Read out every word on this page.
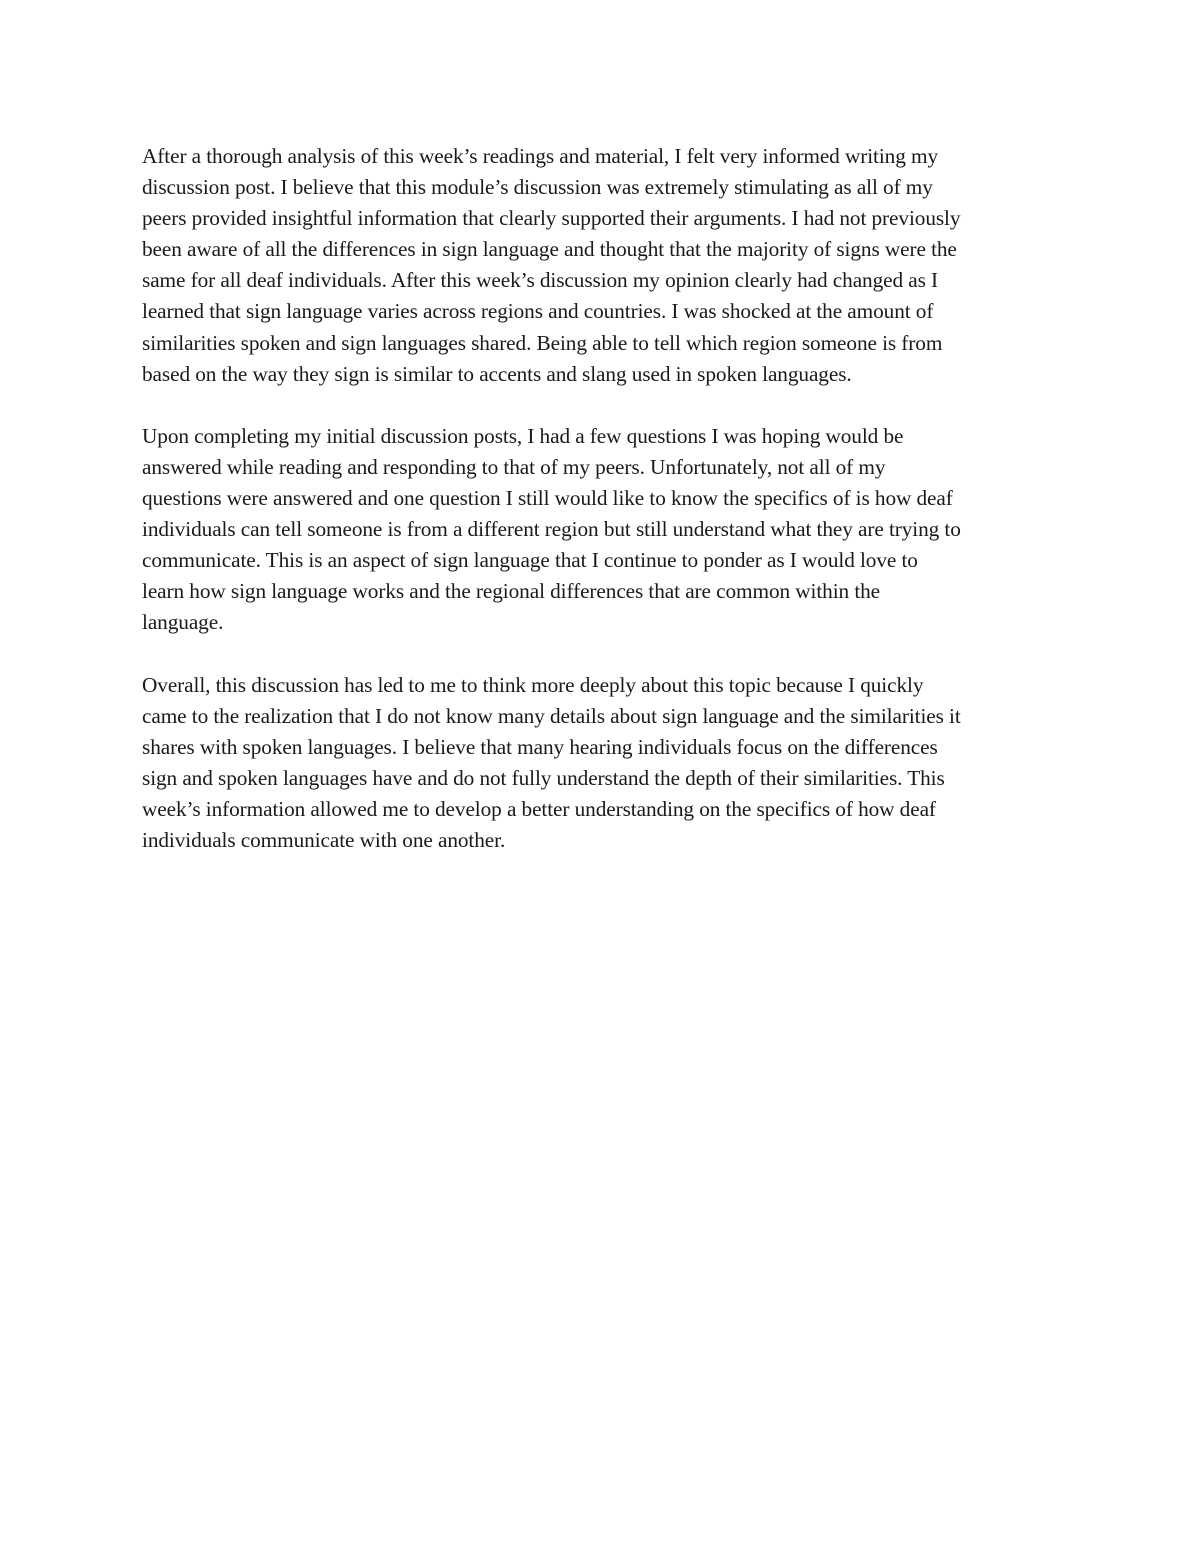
After a thorough analysis of this week’s readings and material, I felt very informed writing my
discussion post. I believe that this module’s discussion was extremely stimulating as all of my
peers provided insightful information that clearly supported their arguments. I had not previously
been aware of all the differences in sign language and thought that the majority of signs were the
same for all deaf individuals. After this week’s discussion my opinion clearly had changed as I
learned that sign language varies across regions and countries. I was shocked at the amount of
similarities spoken and sign languages shared. Being able to tell which region someone is from
based on the way they sign is similar to accents and slang used in spoken languages.
Upon completing my initial discussion posts, I had a few questions I was hoping would be
answered while reading and responding to that of my peers. Unfortunately, not all of my
questions were answered and one question I still would like to know the specifics of is how deaf
individuals can tell someone is from a different region but still understand what they are trying to
communicate. This is an aspect of sign language that I continue to ponder as I would love to
learn how sign language works and the regional differences that are common within the
language.
Overall, this discussion has led to me to think more deeply about this topic because I quickly
came to the realization that I do not know many details about sign language and the similarities it
shares with spoken languages. I believe that many hearing individuals focus on the differences
sign and spoken languages have and do not fully understand the depth of their similarities. This
week’s information allowed me to develop a better understanding on the specifics of how deaf
individuals communicate with one another.
